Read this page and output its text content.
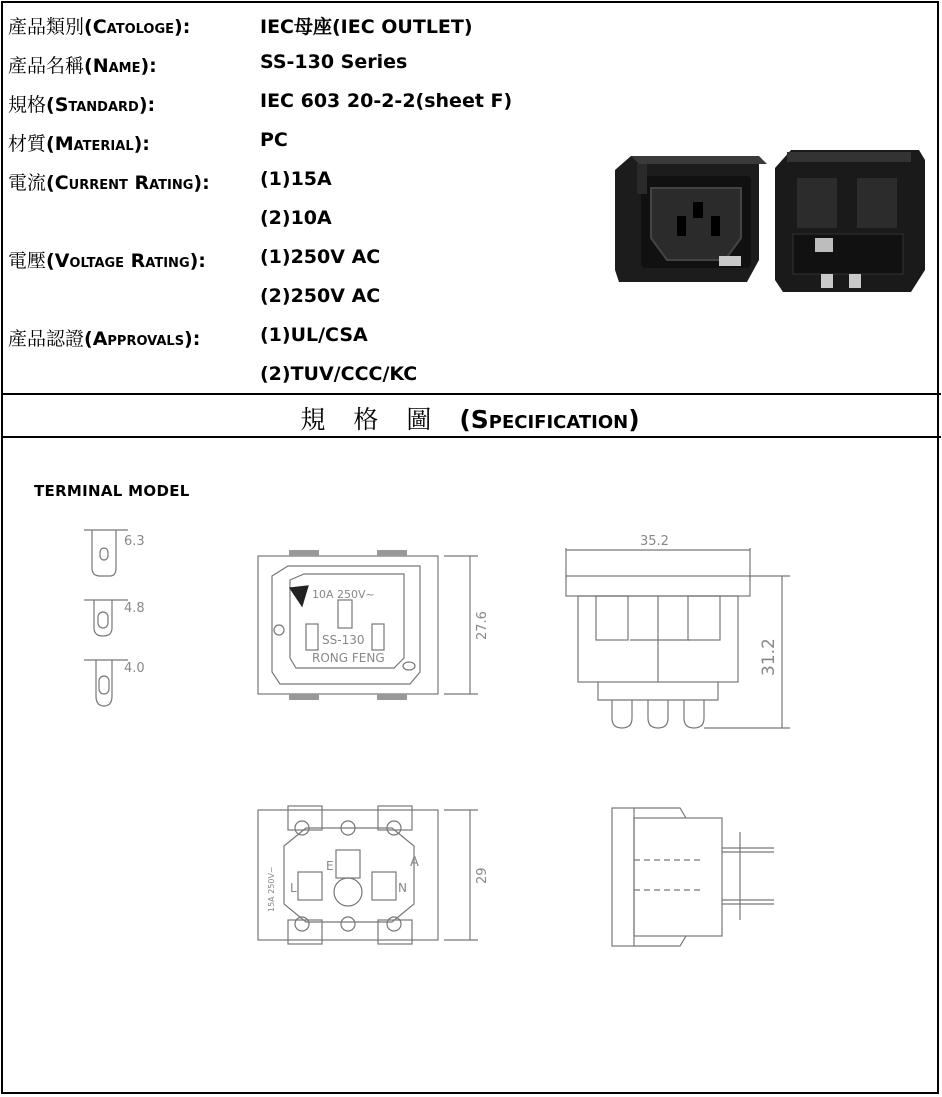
產品類別(Catologe):	IEC母座(IEC OUTLET)
產品名稱(Name):	SS-130 Series
規格(Standard):	IEC 603 20-2-2(sheet F)
材質(Material):	PC
電流(Current Rating):	(1)15A
(2)10A
電壓(Voltage Rating):	(1)250V AC
(2)250V AC
產品認證(Approvals):	(1)UL/CSA
(2)TUV/CCC/KC
規格圖(Specification)
TERMINAL MODEL
6.3
4.8
4.0
27.6
35.2
31.2
29
10A 250V~
SS-130
RONG FENG
E
L	N
A
15A 250V~
